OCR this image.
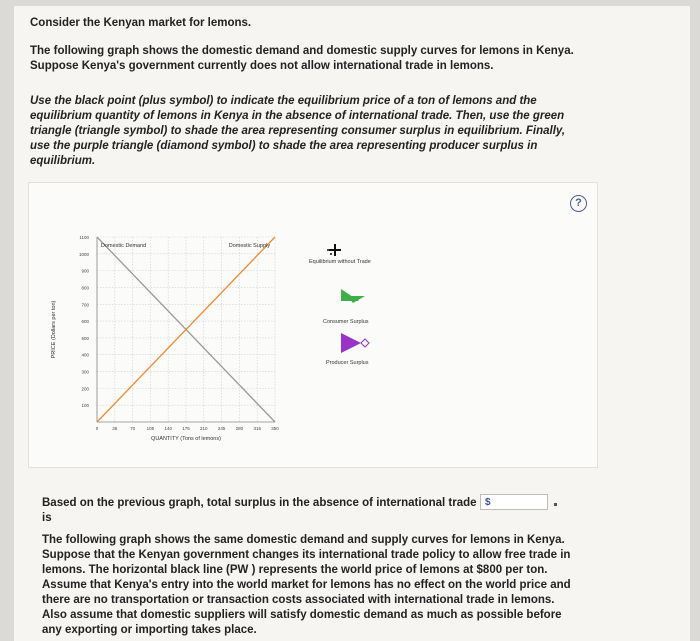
Consider the Kenyan market for lemons.
The following graph shows the domestic demand and domestic supply curves for lemons in Kenya. Suppose Kenya's government currently does not allow international trade in lemons.
Use the black point (plus symbol) to indicate the equilibrium price of a ton of lemons and the equilibrium quantity of lemons in Kenya in the absence of international trade. Then, use the green triangle (triangle symbol) to shade the area representing consumer surplus in equilibrium. Finally, use the purple triangle (diamond symbol) to shade the area representing producer surplus in equilibrium.
?
100
200
300
400
500
600
700
800
900
1000
1100
0	35	70	105 140 175 210 245 280 315 350
QUANTITY (Tons of lemons)
PRICE (Dollars per ton)
Domestic Demand	Domestic Supply
Equilibrium without Trade
Consumer Surplus
Producer Surplus
Based on the previous graph, total surplus in the absence of international trade is
$
The following graph shows the same domestic demand and supply curves for lemons in Kenya. Suppose that the Kenyan government changes its international trade policy to allow free trade in lemons. The horizontal black line (PW ) represents the world price of lemons at $800 per ton. Assume that Kenya's entry into the world market for lemons has no effect on the world price and there are no transportation or transaction costs associated with international trade in lemons. Also assume that domestic suppliers will satisfy domestic demand as much as possible before any exporting or importing takes place.
